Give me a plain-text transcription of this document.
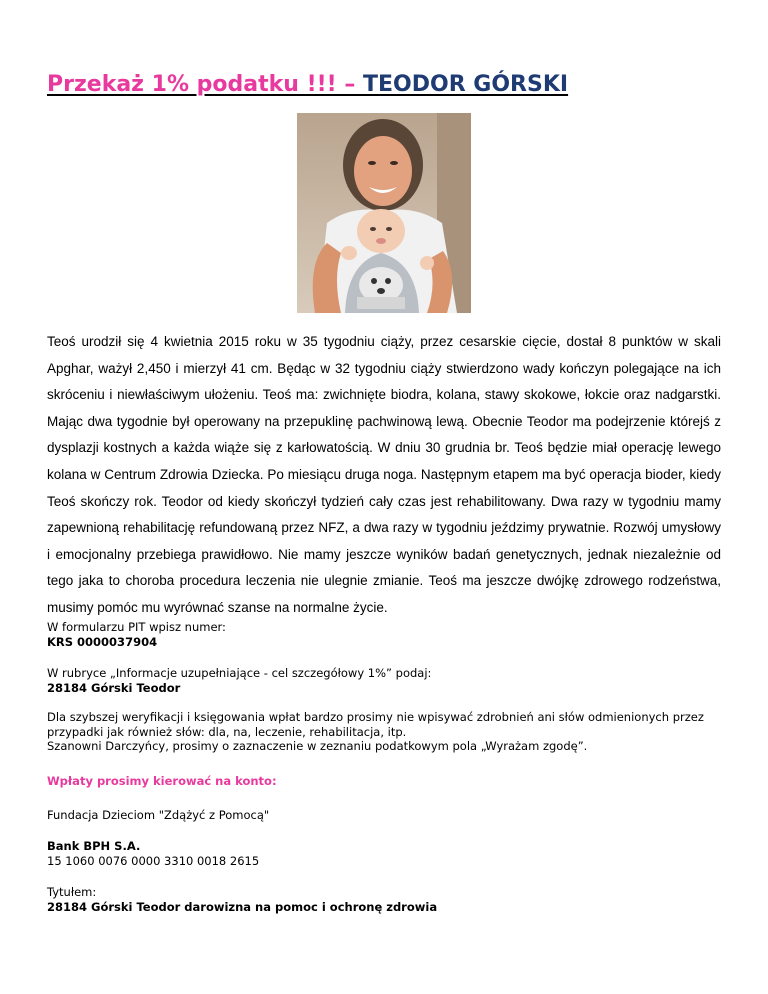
Przekaż 1% podatku !!! – TEODOR GÓRSKI

Teoś urodził się 4 kwietnia 2015 roku w 35 tygodniu ciąży, przez cesarskie cięcie, dostał 8 punktów w skali Apghar, ważył 2,450 i mierzył 41 cm. Będąc w 32 tygodniu ciąży stwierdzono wady kończyn polegające na ich skróceniu i niewłaściwym ułożeniu. Teoś ma: zwichnięte biodra, kolana, stawy skokowe, łokcie oraz nadgarstki. Mając dwa tygodnie był operowany na przepuklinę pachwinową lewą. Obecnie Teodor ma podejrzenie którejś z dysplazji kostnych a każda wiąże się z karłowatością. W dniu 30 grudnia br. Teoś będzie miał operację lewego kolana w Centrum Zdrowia Dziecka. Po miesiącu druga noga. Następnym etapem ma być operacja bioder, kiedy Teoś skończy rok. Teodor od kiedy skończył tydzień cały czas jest rehabilitowany. Dwa razy w tygodniu mamy zapewnioną rehabilitację refundowaną przez NFZ, a dwa razy w tygodniu jeździmy prywatnie. Rozwój umysłowy i emocjonalny przebiega prawidłowo. Nie mamy jeszcze wyników badań genetycznych, jednak niezależnie od tego jaka to choroba procedura leczenia nie ulegnie zmianie. Teoś ma jeszcze dwójkę zdrowego rodzeństwa, musimy pomóc mu wyrównać szanse na normalne życie.

W formularzu PIT wpisz numer:
KRS 0000037904
W rubryce „Informacje uzupełniające - cel szczegółowy 1%” podaj:
28184 Górski Teodor
Dla szybszej weryfikacji i księgowania wpłat bardzo prosimy nie wpisywać zdrobnień ani słów odmienionych przez
przypadki jak również słów: dla, na, leczenie, rehabilitacja, itp.
Szanowni Darczyńcy, prosimy o zaznaczenie w zeznaniu podatkowym pola „Wyrażam zgodę”.
Wpłaty prosimy kierować na konto:
Fundacja Dzieciom "Zdążyć z Pomocą"
Bank BPH S.A.
15 1060 0076 0000 3310 0018 2615
Tytułem:
28184 Górski Teodor darowizna na pomoc i ochronę zdrowia
